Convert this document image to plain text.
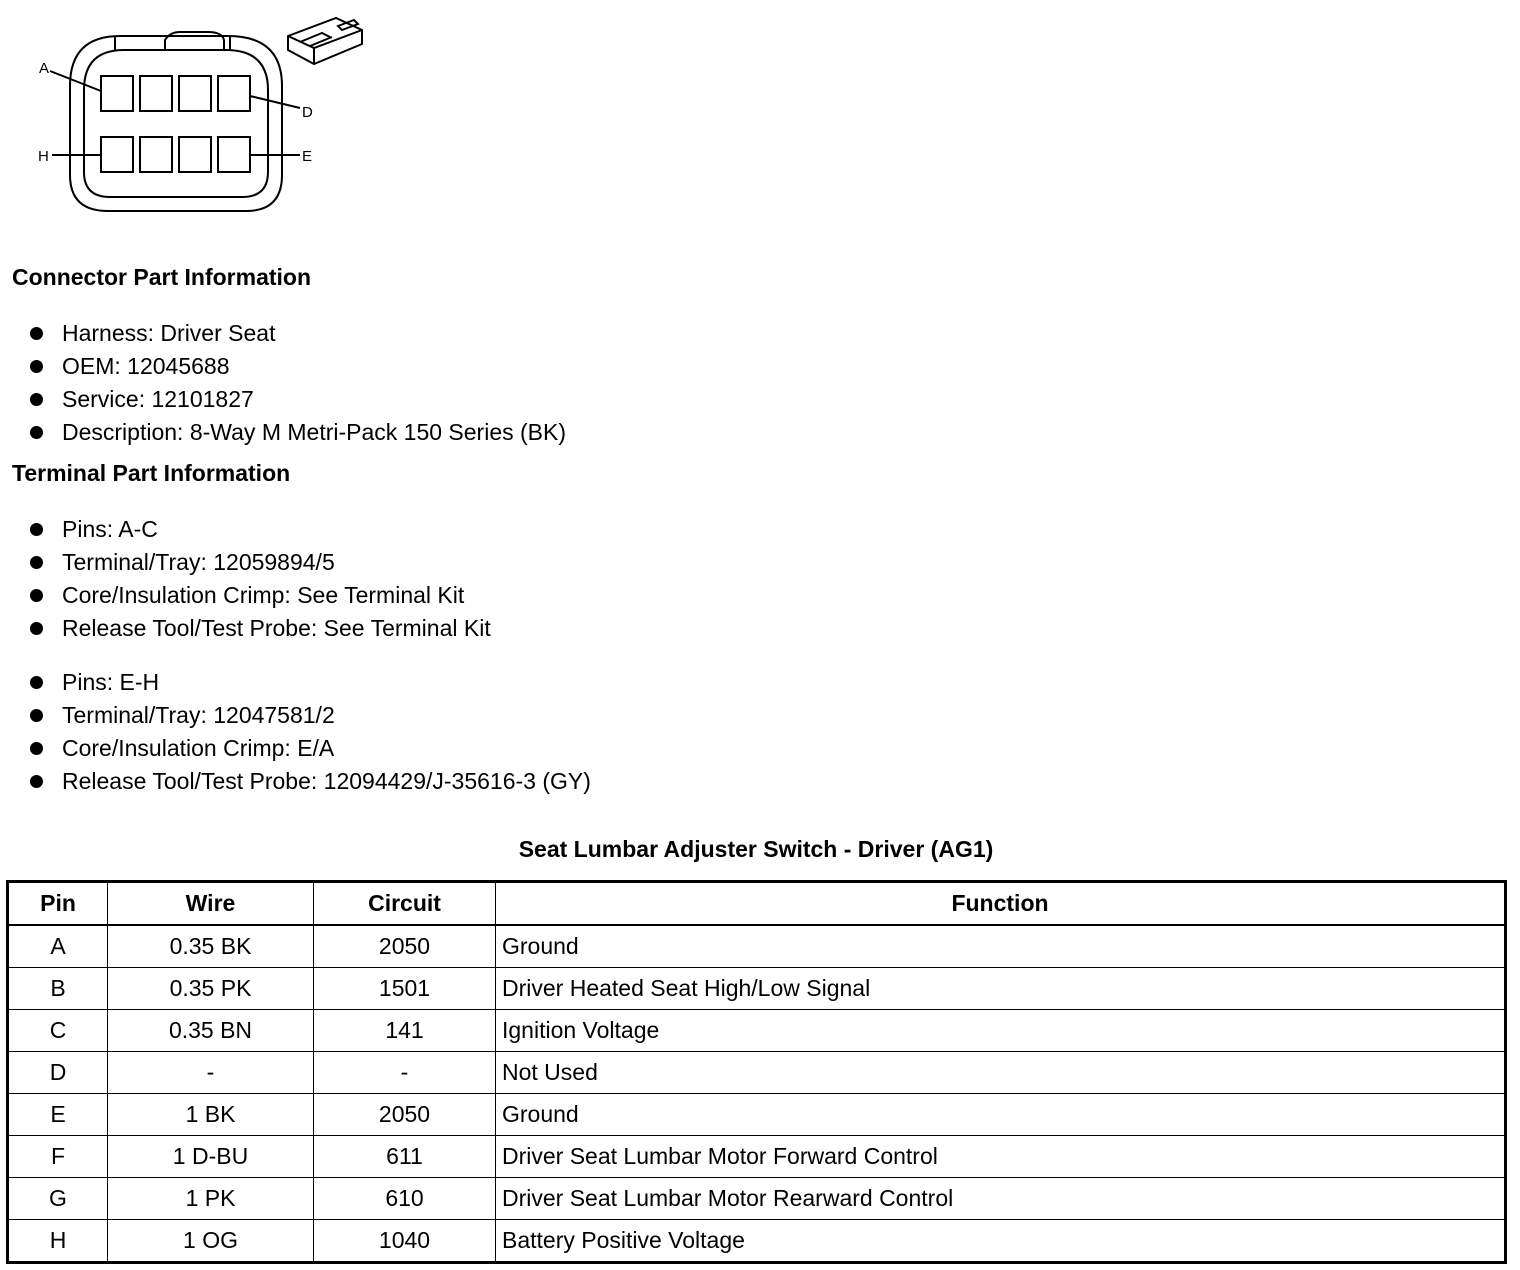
A
D
H	E
Connector Part Information
Harness: Driver Seat
OEM: 12045688
Service: 12101827
Description: 8-Way M Metri-Pack 150 Series (BK)
Terminal Part Information
Pins: A-C
Terminal/Tray: 12059894/5
Core/Insulation Crimp: See Terminal Kit
Release Tool/Test Probe: See Terminal Kit
Pins: E-H
Terminal/Tray: 12047581/2
Core/Insulation Crimp: E/A
Release Tool/Test Probe: 12094429/J-35616-3 (GY)
Seat Lumbar Adjuster Switch - Driver (AG1)
Pin	Wire	Circuit	Function
A	0.35 BK	2050	Ground
B	0.35 PK	1501	Driver Heated Seat High/Low Signal
C	0.35 BN	141	Ignition Voltage
D	-	-	Not Used
E	1 BK	2050	Ground
F	1 D-BU	611	Driver Seat Lumbar Motor Forward Control
G	1 PK	610	Driver Seat Lumbar Motor Rearward Control
H	1 OG	1040	Battery Positive Voltage
